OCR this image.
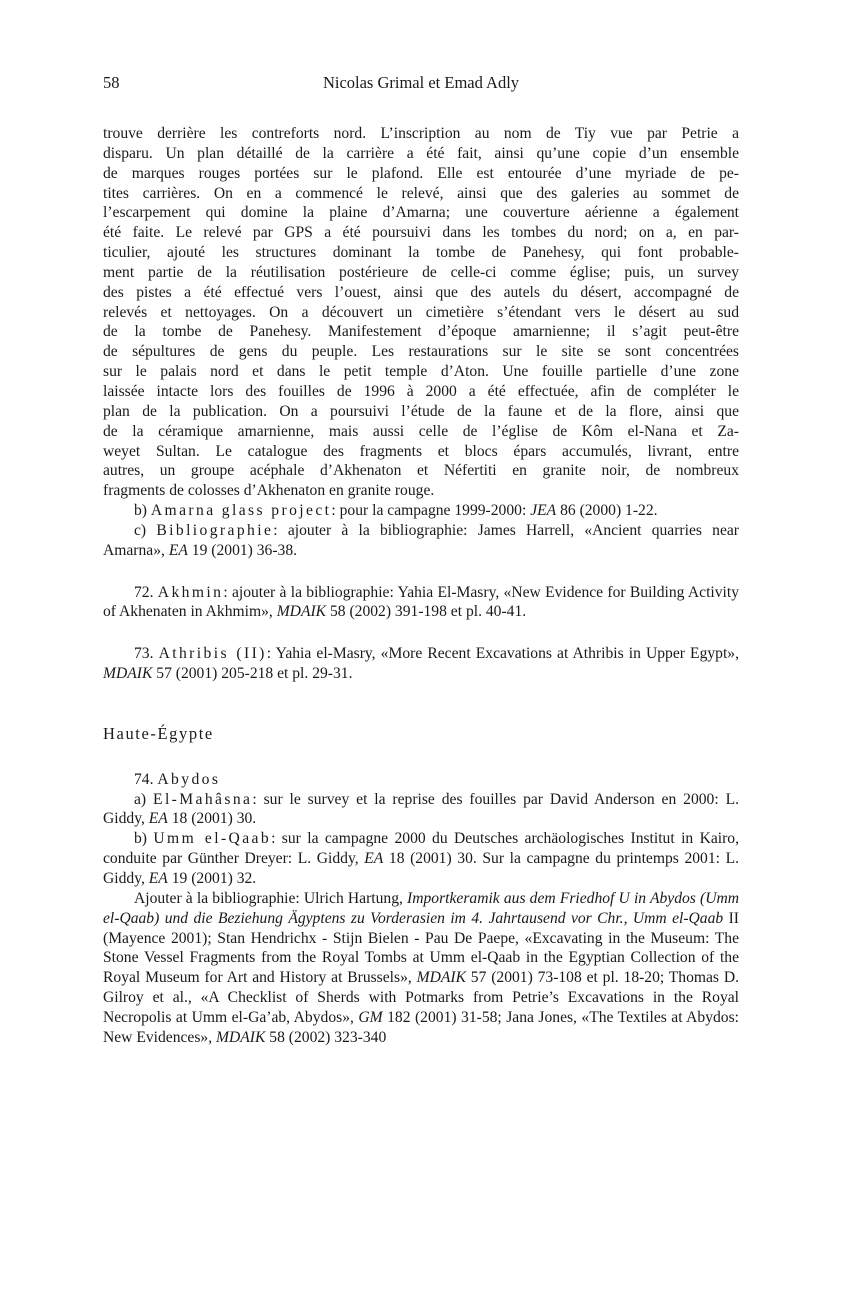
58	Nicolas Grimal et Emad Adly

trouve derrière les contreforts nord. L’inscription au nom de Tiy vue par Petrie a
disparu. Un plan détaillé de la carrière a été fait, ainsi qu’une copie d’un ensemble
de marques rouges portées sur le plafond. Elle est entourée d’une myriade de pe-
tites carrières. On en a commencé le relevé, ainsi que des galeries au sommet de
l’escarpement qui domine la plaine d’Amarna; une couverture aérienne a également
été faite. Le relevé par GPS a été poursuivi dans les tombes du nord; on a, en par-
ticulier, ajouté les structures dominant la tombe de Panehesy, qui font probable-
ment partie de la réutilisation postérieure de celle-ci comme église; puis, un survey
des pistes a été effectué vers l’ouest, ainsi que des autels du désert, accompagné de
relevés et nettoyages. On a découvert un cimetière s’étendant vers le désert au sud
de la tombe de Panehesy. Manifestement d’époque amarnienne; il s’agit peut-être
de sépultures de gens du peuple. Les restaurations sur le site se sont concentrées
sur le palais nord et dans le petit temple d’Aton. Une fouille partielle d’une zone
laissée intacte lors des fouilles de 1996 à 2000 a été effectuée, afin de compléter le
plan de la publication. On a poursuivi l’étude de la faune et de la flore, ainsi que
de la céramique amarnienne, mais aussi celle de l’église de Kôm el-Nana et Za-
weyet Sultan. Le catalogue des fragments et blocs épars accumulés, livrant, entre
autres, un groupe acéphale d’Akhenaton et Néfertiti en granite noir, de nombreux
fragments de colosses d’Akhenaton en granite rouge.

b) Amarna glass project: pour la campagne 1999-2000: JEA 86 (2000) 1-22.

c) Bibliographie: ajouter à la bibliographie: James Harrell, «Ancient quarries near Amarna», EA 19 (2001) 36-38.

72. Akhmin: ajouter à la bibliographie: Yahia El-Masry, «New Evidence for Building Activity of Akhenaten in Akhmim», MDAIK 58 (2002) 391-198 et pl. 40-41.

73. Athribis (II): Yahia el-Masry, «More Recent Excavations at Athribis in Upper Egypt», MDAIK 57 (2001) 205-218 et pl. 29-31.

Haute-Égypte

74. Abydos

a) El-Mahâsna: sur le survey et la reprise des fouilles par David Anderson en 2000: L. Giddy, EA 18 (2001) 30.

b) Umm el-Qaab: sur la campagne 2000 du Deutsches archäologisches Institut in Kairo, conduite par Günther Dreyer: L. Giddy, EA 18 (2001) 30. Sur la campagne du printemps 2001: L. Giddy, EA 19 (2001) 32.

Ajouter à la bibliographie: Ulrich Hartung, Importkeramik aus dem Friedhof U in Abydos (Umm el-Qaab) und die Beziehung Ägyptens zu Vorderasien im 4. Jahrtausend vor Chr., Umm el-Qaab II (Mayence 2001); Stan Hendrichx - Stijn Bielen - Pau De Paepe, «Excavating in the Museum: The Stone Vessel Fragments from the Royal Tombs at Umm el-Qaab in the Egyptian Collection of the Royal Museum for Art and History at Brussels», MDAIK 57 (2001) 73-108 et pl. 18-20; Thomas D. Gilroy et al., «A Checklist of Sherds with Potmarks from Petrie’s Excavations in the Royal Necropolis at Umm el-Ga’ab, Abydos», GM 182 (2001) 31-58; Jana Jones, «The Textiles at Abydos: New Evidences», MDAIK 58 (2002) 323-340
